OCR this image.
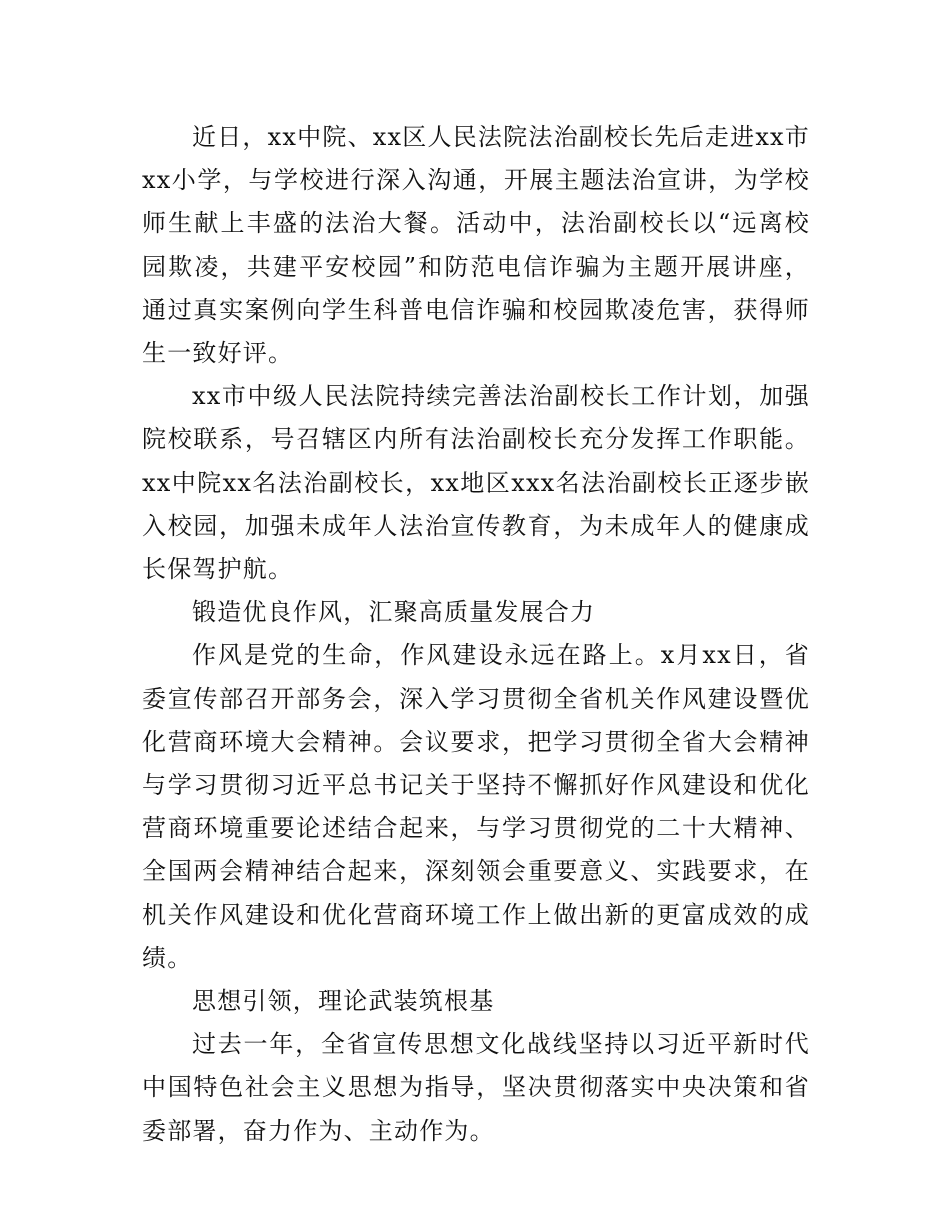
近日，xx中院、xx区人民法院法治副校长先后走进xx市xx小学，与学校进行深入沟通，开展主题法治宣讲，为学校师生献上丰盛的法治大餐。活动中，法治副校长以“远离校园欺凌，共建平安校园”和防范电信诈骗为主题开展讲座，通过真实案例向学生科普电信诈骗和校园欺凌危害，获得师生一致好评。

xx市中级人民法院持续完善法治副校长工作计划，加强院校联系，号召辖区内所有法治副校长充分发挥工作职能。xx中院xx名法治副校长，xx地区xxx名法治副校长正逐步嵌入校园，加强未成年人法治宣传教育，为未成年人的健康成长保驾护航。

锻造优良作风，汇聚高质量发展合力

作风是党的生命，作风建设永远在路上。x月xx日，省委宣传部召开部务会，深入学习贯彻全省机关作风建设暨优化营商环境大会精神。会议要求，把学习贯彻全省大会精神与学习贯彻习近平总书记关于坚持不懈抓好作风建设和优化营商环境重要论述结合起来，与学习贯彻党的二十大精神、全国两会精神结合起来，深刻领会重要意义、实践要求，在机关作风建设和优化营商环境工作上做出新的更富成效的成绩。

思想引领，理论武装筑根基

过去一年，全省宣传思想文化战线坚持以习近平新时代中国特色社会主义思想为指导，坚决贯彻落实中央决策和省委部署，奋力作为、主动作为。
